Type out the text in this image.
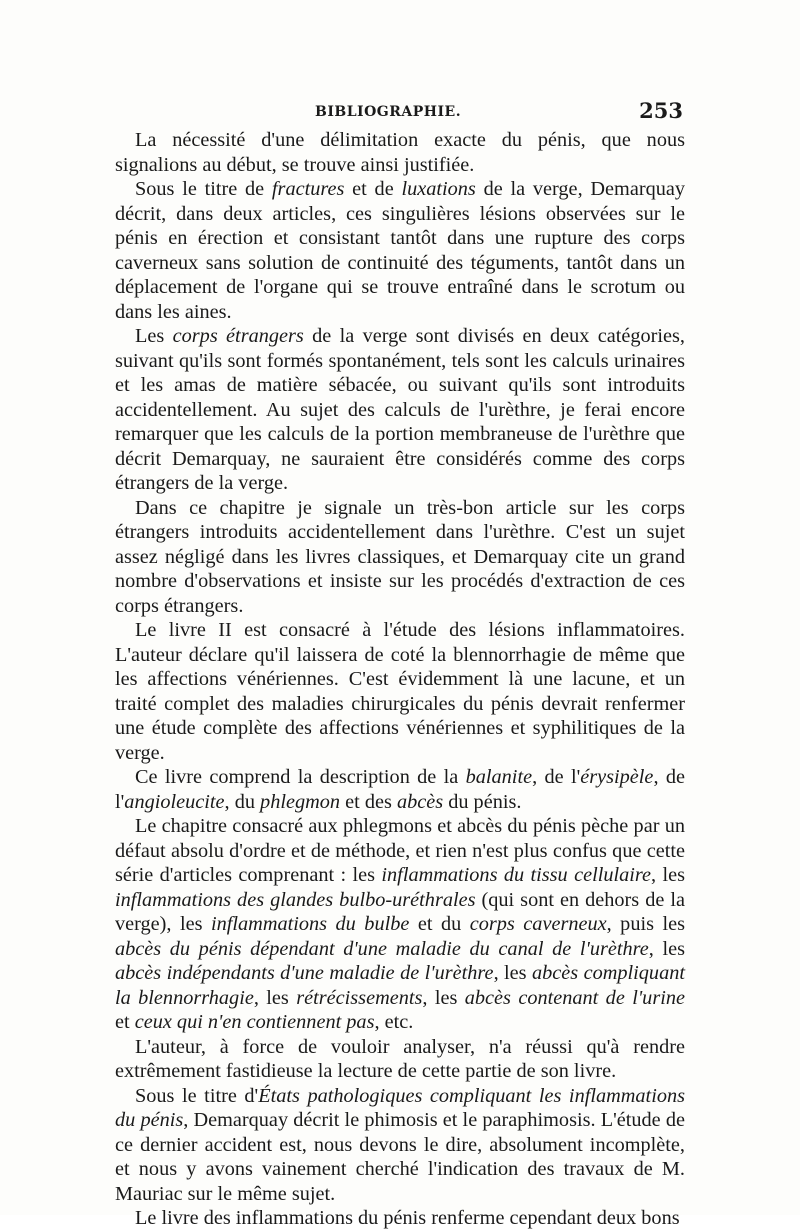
BIBLIOGRAPHIE.	253

La nécessité d'une délimitation exacte du pénis, que nous signalions au début, se trouve ainsi justifiée.

Sous le titre de fractures et de luxations de la verge, Demarquay décrit, dans deux articles, ces singulières lésions observées sur le pénis en érection et consistant tantôt dans une rupture des corps caverneux sans solution de continuité des téguments, tantôt dans un déplacement de l'organe qui se trouve entraîné dans le scrotum ou dans les aines.

Les corps étrangers de la verge sont divisés en deux catégories, suivant qu'ils sont formés spontanément, tels sont les calculs urinaires et les amas de matière sébacée, ou suivant qu'ils sont introduits accidentellement. Au sujet des calculs de l'urèthre, je ferai encore remarquer que les calculs de la portion membraneuse de l'urèthre que décrit Demarquay, ne sauraient être considérés comme des corps étrangers de la verge.

Dans ce chapitre je signale un très-bon article sur les corps étrangers introduits accidentellement dans l'urèthre. C'est un sujet assez négligé dans les livres classiques, et Demarquay cite un grand nombre d'observations et insiste sur les procédés d'extraction de ces corps étrangers.

Le livre II est consacré à l'étude des lésions inflammatoires. L'auteur déclare qu'il laissera de coté la blennorrhagie de même que les affections vénériennes. C'est évidemment là une lacune, et un traité complet des maladies chirurgicales du pénis devrait renfermer une étude complète des affections vénériennes et syphilitiques de la verge.

Ce livre comprend la description de la balanite, de l'érysipèle, de l'angioleucite, du phlegmon et des abcès du pénis.

Le chapitre consacré aux phlegmons et abcès du pénis pèche par un défaut absolu d'ordre et de méthode, et rien n'est plus confus que cette série d'articles comprenant : les inflammations du tissu cellulaire, les inflammations des glandes bulbo-uréthrales (qui sont en dehors de la verge), les inflammations du bulbe et du corps caverneux, puis les abcès du pénis dépendant d'une maladie du canal de l'urèthre, les abcès indépendants d'une maladie de l'urèthre, les abcès compliquant la blennorrhagie, les rétrécissements, les abcès contenant de l'urine et ceux qui n'en contiennent pas, etc.

L'auteur, à force de vouloir analyser, n'a réussi qu'à rendre extrêmement fastidieuse la lecture de cette partie de son livre.

Sous le titre d'États pathologiques compliquant les inflammations du pénis, Demarquay décrit le phimosis et le paraphimosis. L'étude de ce dernier accident est, nous devons le dire, absolument incomplète, et nous y avons vainement cherché l'indication des travaux de M. Mauriac sur le même sujet.

Le livre des inflammations du pénis renferme cependant deux bons
